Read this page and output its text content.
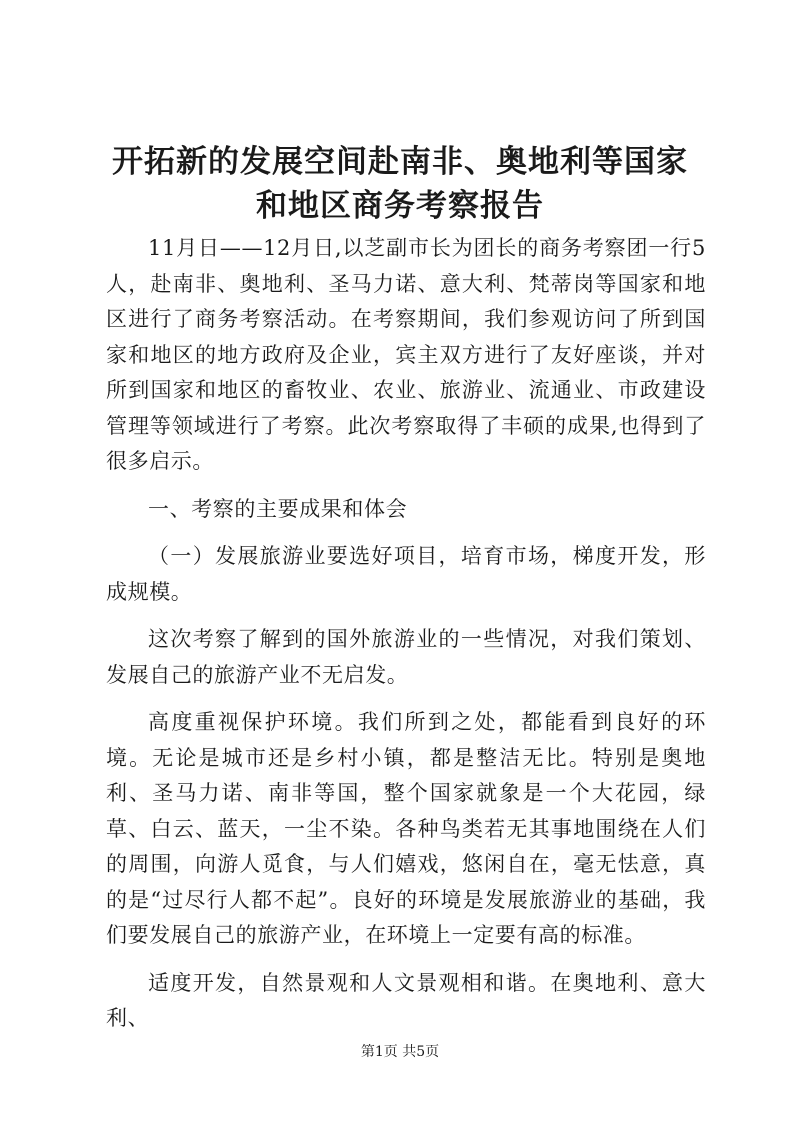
开拓新的发展空间赴南非、奥地利等国家和地区商务考察报告

11月日——12月日,以芝副市长为团长的商务考察团一行5人，赴南非、奥地利、圣马力诺、意大利、梵蒂岗等国家和地区进行了商务考察活动。在考察期间，我们参观访问了所到国家和地区的地方政府及企业，宾主双方进行了友好座谈，并对所到国家和地区的畜牧业、农业、旅游业、流通业、市政建设管理等领域进行了考察。此次考察取得了丰硕的成果,也得到了很多启示。

一、考察的主要成果和体会

（一）发展旅游业要选好项目，培育市场，梯度开发，形成规模。

这次考察了解到的国外旅游业的一些情况，对我们策划、发展自己的旅游产业不无启发。

高度重视保护环境。我们所到之处，都能看到良好的环境。无论是城市还是乡村小镇，都是整洁无比。特别是奥地利、圣马力诺、南非等国，整个国家就象是一个大花园，绿草、白云、蓝天，一尘不染。各种鸟类若无其事地围绕在人们的周围，向游人觅食，与人们嬉戏，悠闲自在，毫无怯意，真的是“过尽行人都不起”。良好的环境是发展旅游业的基础，我们要发展自己的旅游产业，在环境上一定要有高的标准。

适度开发，自然景观和人文景观相和谐。在奥地利、意大利、

第1页 共5页
